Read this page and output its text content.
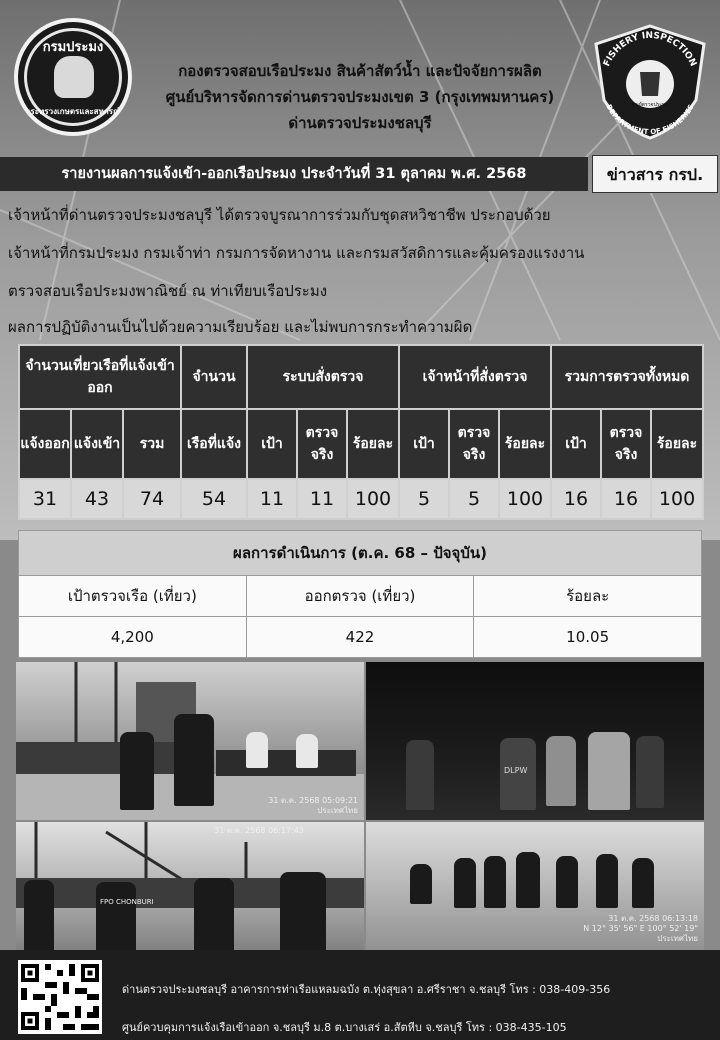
กรมประมง
กระทรวงเกษตรและสหกรณ์
FISHERY INSPECTION
DEPARTMENT OF FISHERIES
ศูนย์ตรวจประมง
กองตรวจสอบเรือประมง สินค้าสัตว์น้ำ และปัจจัยการผลิต
ศูนย์บริหารจัดการด่านตรวจประมงเขต 3 (กรุงเทพมหานคร)
ด่านตรวจประมงชลบุรี
รายงานผลการแจ้งเข้า-ออกเรือประมง ประจำวันที่ 31 ตุลาคม พ.ศ. 2568	ข่าวสาร กรป.
เจ้าหน้าที่ด่านตรวจประมงชลบุรี ได้ตรวจบูรณาการร่วมกับชุดสหวิชาชีพ ประกอบด้วย
เจ้าหน้าที่กรมประมง กรมเจ้าท่า กรมการจัดหางาน และกรมสวัสดิการและคุ้มครองแรงงาน
ตรวจสอบเรือประมงพาณิชย์ ณ ท่าเทียบเรือประมง
ผลการปฏิบัติงานเป็นไปด้วยความเรียบร้อย และไม่พบการกระทำความผิด
จำนวนเที่ยวเรือที่แจ้งเข้าออก			จำนวน	ระบบสั่งตรวจ			เจ้าหน้าที่สั่งตรวจ			รวมการตรวจทั้งหมด		
แจ้งออก	แจ้งเข้า	รวม	เรือที่แจ้ง	เป้า	ตรวจจริง	ร้อยละ	เป้า	ตรวจจริง	ร้อยละ	เป้า	ตรวจจริง	ร้อยละ
31	43	74	54	11	11	100	5	5	100	16	16	100
ผลการดำเนินการ (ต.ค. 68 – ปัจจุบัน)		
เป้าตรวจเรือ (เที่ยว)	ออกตรวจ (เที่ยว)	ร้อยละ
4,200	422	10.05
31 ต.ค. 2568 05:09:21
ประเทศไทย
DLPW
FPO CHONBURI
31 ต.ค. 2568 06:17:43
31 ต.ค. 2568 06:13:18
N 12° 35' 56" E 100° 52' 19"
ประเทศไทย
ด่านตรวจประมงชลบุรี อาคารการท่าเรือแหลมฉบัง ต.ทุ่งสุขลา อ.ศรีราชา จ.ชลบุรี โทร : 038-409-356
ศูนย์ควบคุมการแจ้งเรือเข้าออก จ.ชลบุรี ม.8 ต.บางเสร่ อ.สัตหีบ จ.ชลบุรี โทร : 038-435-105
